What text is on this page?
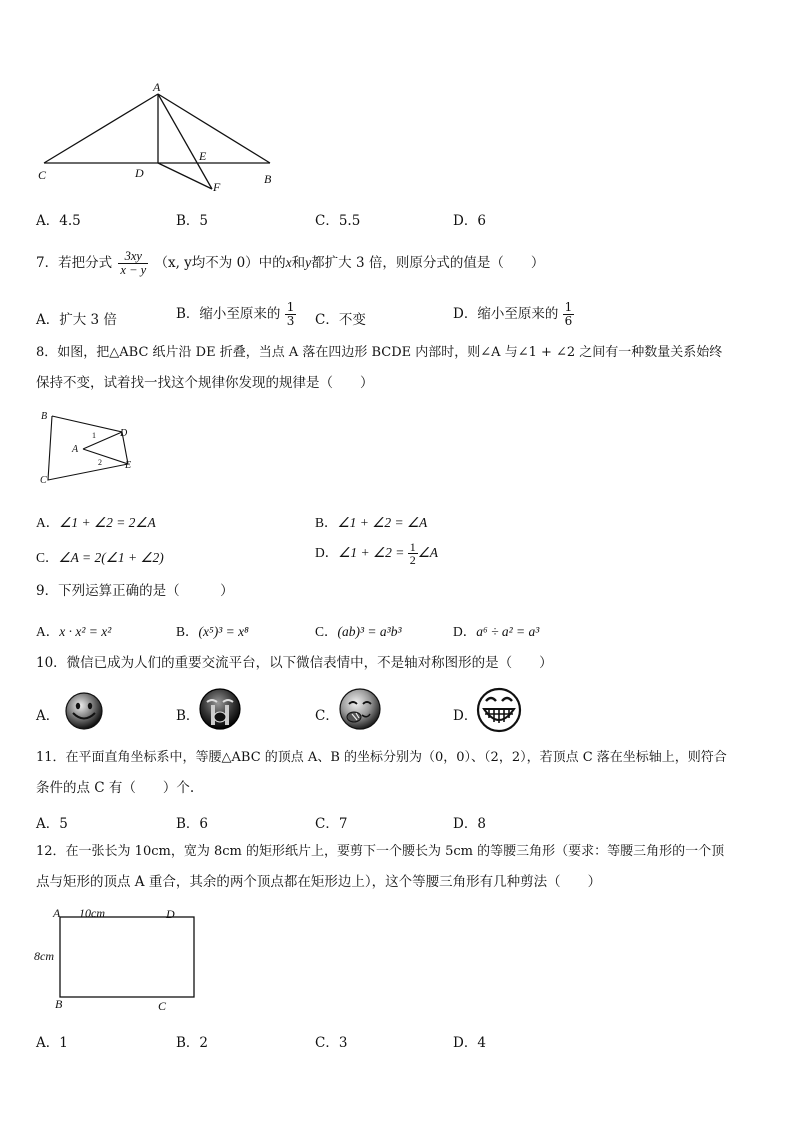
A
C	D
E
B
F
A．4.5	B．5	C．5.5	D．6
7．若把分式 $\frac{3xy}{x - y} (x$, y均不为 0）中的x和y都扩大 3 倍，则原分式的值是（　　）
A．扩大 3 倍	B．缩小至原来的 $\frac{1}{3}$ C．不变	D．缩小至原来的 $\frac{1}{6}$
8．如图，把△ABC 纸片沿 DE 折叠，当点 A 落在四边形 BCDE 内部时，则∠A 与∠1 + ∠2 之间有一种数量关系始终
保持不变，试着找一找这个规律你发现的规律是（　　）
B
D
A
E
C
1
2
A．∠1 + ∠2 = 2∠A	B．∠1 + ∠2 = ∠A
C．∠A = 2(∠1 + ∠2)	D．∠1 + ∠2 = $\frac{1}{2}$ ∠A
9．下列运算正确的是（　　　）
A．x · x² = x²	B．(x⁵)³ = x⁸	C．(ab)³ = a³b³	D．a⁶ ÷ a² = a³
10．微信已成为人们的重要交流平台，以下微信表情中，不是轴对称图形的是（　　）
A．	B．	C．	D．
11．在平面直角坐标系中，等腰△ABC 的顶点 A、B 的坐标分别为（0，0）、（2，2），若顶点 C 落在坐标轴上，则符合
条件的点 C 有（　　）个.
A．5	B．6	C．7	D．8
12．在一张长为 10cm，宽为 8cm 的矩形纸片上，要剪下一个腰长为 5cm 的等腰三角形（要求：等腰三角形的一个顶
点与矩形的顶点 A 重合，其余的两个顶点都在矩形边上），这个等腰三角形有几种剪法（　　）
A 10cm	D
8cm
B	C
A．1	B．2	C．3	D．4
